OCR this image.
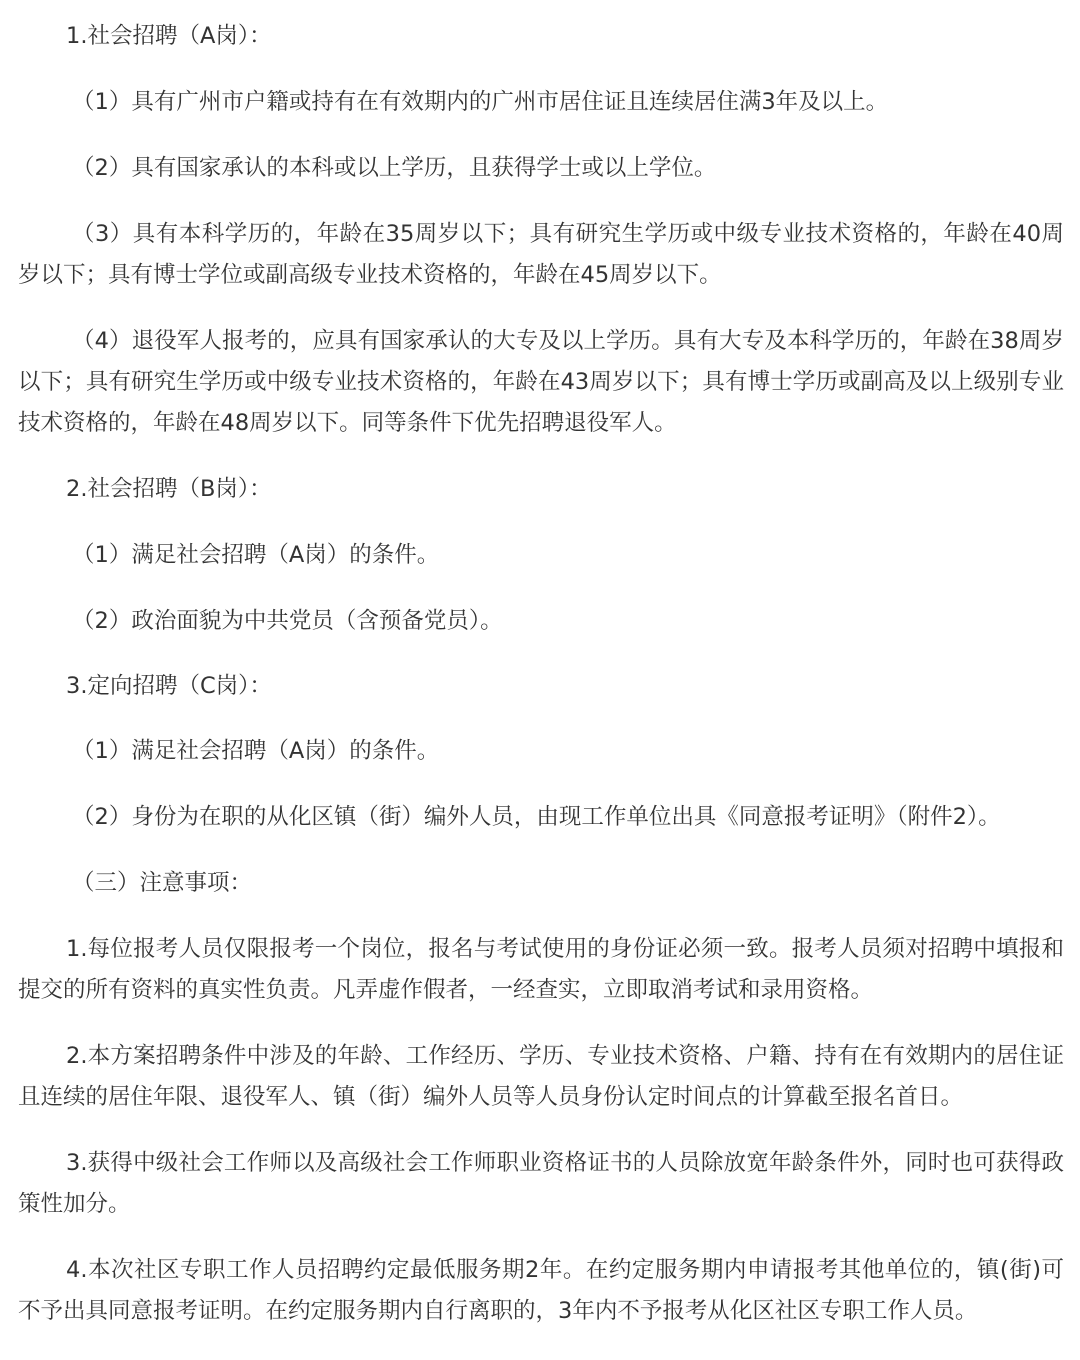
1.社会招聘（A岗）：

（1）具有广州市户籍或持有在有效期内的广州市居住证且连续居住满3年及以上。

（2）具有国家承认的本科或以上学历，且获得学士或以上学位。

（3）具有本科学历的，年龄在35周岁以下；具有研究生学历或中级专业技术资格的，年龄在40周岁以下；具有博士学位或副高级专业技术资格的，年龄在45周岁以下。

（4）退役军人报考的，应具有国家承认的大专及以上学历。具有大专及本科学历的，年龄在38周岁以下；具有研究生学历或中级专业技术资格的，年龄在43周岁以下；具有博士学历或副高及以上级别专业技术资格的，年龄在48周岁以下。同等条件下优先招聘退役军人。

2.社会招聘（B岗）：

（1）满足社会招聘（A岗）的条件。

（2）政治面貌为中共党员（含预备党员）。

3.定向招聘（C岗）：

（1）满足社会招聘（A岗）的条件。

（2）身份为在职的从化区镇（街）编外人员，由现工作单位出具《同意报考证明》（附件2）。

（三）注意事项：

1.每位报考人员仅限报考一个岗位，报名与考试使用的身份证必须一致。报考人员须对招聘中填报和提交的所有资料的真实性负责。凡弄虚作假者，一经查实，立即取消考试和录用资格。

2.本方案招聘条件中涉及的年龄、工作经历、学历、专业技术资格、户籍、持有在有效期内的居住证且连续的居住年限、退役军人、镇（街）编外人员等人员身份认定时间点的计算截至报名首日。

3.获得中级社会工作师以及高级社会工作师职业资格证书的人员除放宽年龄条件外，同时也可获得政策性加分。

4.本次社区专职工作人员招聘约定最低服务期2年。在约定服务期内申请报考其他单位的，镇(街)可不予出具同意报考证明。在约定服务期内自行离职的，3年内不予报考从化区社区专职工作人员。
